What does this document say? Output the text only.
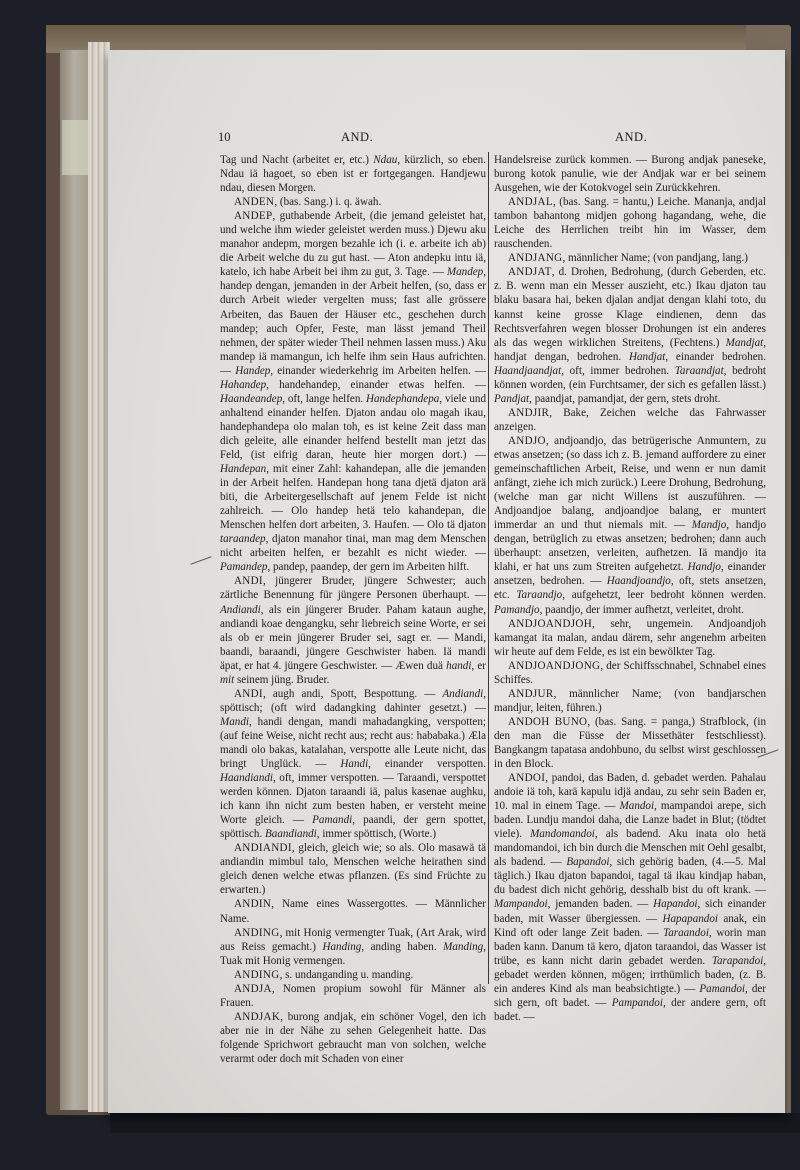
10	AND.	AND.

Tag und Nacht (arbeitet er, etc.) Ndau, kürzlich, so eben. Ndau iä hagoet, so eben ist er fortgegangen. Handjewu ndau, diesen Morgen.

ANDEN, (bas. Sang.) i. q. äwah.

ANDEP, guthabende Arbeit, (die jemand geleistet hat, und welche ihm wieder geleistet werden muss.) Djewu aku manahor andepm, morgen bezahle ich (i. e. arbeite ich ab) die Arbeit welche du zu gut hast. — Aton andepku intu iä, katelo, ich habe Arbeit bei ihm zu gut, 3. Tage. — Mandep, handep dengan, jemanden in der Arbeit helfen, (so, dass er durch Arbeit wieder vergelten muss; fast alle grössere Arbeiten, das Bauen der Häuser etc., geschehen durch mandep; auch Opfer, Feste, man lässt jemand Theil nehmen, der später wieder Theil nehmen lassen muss.) Aku mandep iä mamangun, ich helfe ihm sein Haus aufrichten. — Handep, einander wiederkehrig im Arbeiten helfen. — Hahandep, handehandep, einander etwas helfen. — Haandeandep, oft, lange helfen. Handephandepa, viele und anhaltend einander helfen. Djaton andau olo magah ikau, handephandepa olo malan toh, es ist keine Zeit dass man dich geleite, alle einander helfend bestellt man jetzt das Feld, (ist eifrig daran, heute hier morgen dort.) — Handepan, mit einer Zahl: kahandepan, alle die jemanden in der Arbeit helfen. Handepan hong tana djetä djaton arä biti, die Arbeitergesellschaft auf jenem Felde ist nicht zahlreich. — Olo handep hetä telo kahandepan, die Menschen helfen dort arbeiten, 3. Haufen. — Olo tä djaton taraandep, djaton manahor tinai, man mag dem Menschen nicht arbeiten helfen, er bezahlt es nicht wieder. — Pamandep, pandep, paandep, der gern im Arbeiten hilft.

ANDI, jüngerer Bruder, jüngere Schwester; auch zärtliche Benennung für jüngere Personen überhaupt. — Andiandi, als ein jüngerer Bruder. Paham kataun aughe, andiandi koae dengangku, sehr liebreich seine Worte, er sei als ob er mein jüngerer Bruder sei, sagt er. — Mandi, baandi, baraandi, jüngere Geschwister haben. Iä mandi äpat, er hat 4. jüngere Geschwister. — Æwen duä handi, er mit seinem jüng. Bruder.

ANDI, augh andi, Spott, Bespottung. — Andiandi, spöttisch; (oft wird dadangking dahinter gesetzt.) — Mandi, handi dengan, mandi mahadangking, verspotten; (auf feine Weise, nicht recht aus; recht aus: hababaka.) Æla mandi olo bakas, katalahan, verspotte alle Leute nicht, das bringt Unglück. — Handi, einander verspotten. Haandiandi, oft, immer verspotten. — Taraandi, verspottet werden können. Djaton taraandi iä, palus kasenae aughku, ich kann ihn nicht zum besten haben, er versteht meine Worte gleich. — Pamandi, paandi, der gern spottet, spöttisch. Baandiandi, immer spöttisch, (Worte.)

ANDIANDI, gleich, gleich wie; so als. Olo masawä tä andiandin mimbul talo, Menschen welche heirathen sind gleich denen welche etwas pflanzen. (Es sind Früchte zu erwarten.)

ANDIN, Name eines Wassergottes. — Männlicher Name.

ANDING, mit Honig vermengter Tuak, (Art Arak, wird aus Reiss gemacht.) Handing, anding haben. Manding, Tuak mit Honig vermengen.

ANDING, s. undanganding u. manding.

ANDJA, Nomen propium sowohl für Männer als Frauen.

ANDJAK, burong andjak, ein schöner Vogel, den ich aber nie in der Nähe zu sehen Gelegenheit hatte. Das folgende Sprichwort gebraucht man von solchen, welche verarmt oder doch mit Schaden von einer

Handelsreise zurück kommen. — Burong andjak paneseke, burong kotok panulie, wie der Andjak war er bei seinem Ausgehen, wie der Kotokvogel sein Zurückkehren.

ANDJAL, (bas. Sang. = hantu,) Leiche. Mananja, andjal tambon bahantong midjen gohong hagandang, wehe, die Leiche des Herrlichen treibt hin im Wasser, dem rauschenden.

ANDJANG, männlicher Name; (von pandjang, lang.)

ANDJAT, d. Drohen, Bedrohung, (durch Geberden, etc. z. B. wenn man ein Messer auszieht, etc.) Ikau djaton tau blaku basara hai, beken djalan andjat dengan klahi toto, du kannst keine grosse Klage eindienen, denn das Rechtsverfahren wegen blosser Drohungen ist ein anderes als das wegen wirklichen Streitens, (Fechtens.) Mandjat, handjat dengan, bedrohen. Handjat, einander bedrohen. Haandjaandjat, oft, immer bedrohen. Taraandjat, bedroht können worden, (ein Furchtsamer, der sich es gefallen lässt.) Pandjat, paandjat, pamandjat, der gern, stets droht.

ANDJIR, Bake, Zeichen welche das Fahrwasser anzeigen.

ANDJO, andjoandjo, das betrügerische Anmuntern, zu etwas ansetzen; (so dass ich z. B. jemand auffordere zu einer gemeinschaftlichen Arbeit, Reise, und wenn er nun damit anfängt, ziehe ich mich zurück.) Leere Drohung, Bedrohung, (welche man gar nicht Willens ist auszuführen. — Andjoandjoe balang, andjoandjoe balang, er muntert immerdar an und thut niemals mit. — Mandjo, handjo dengan, betrüglich zu etwas ansetzen; bedrohen; dann auch überhaupt: ansetzen, verleiten, aufhetzen. Iä mandjo ita klahi, er hat uns zum Streiten aufgehetzt. Handjo, einander ansetzen, bedrohen. — Haandjoandjo, oft, stets ansetzen, etc. Taraandjo, aufgehetzt, leer bedroht können werden. Pamandjo, paandjo, der immer aufhetzt, verleitet, droht.

ANDJOANDJOH, sehr, ungemein. Andjoandjoh kamangat ita malan, andau därem, sehr angenehm arbeiten wir heute auf dem Felde, es ist ein bewölkter Tag.

ANDJOANDJONG, der Schiffsschnabel, Schnabel eines Schiffes.

ANDJUR, männlicher Name; (von bandjarschen mandjur, leiten, führen.)

ANDOH BUNO, (bas. Sang. = panga,) Strafblock, (in den man die Füsse der Missethäter festschliesst). Bangkangm tapatasa andohbuno, du selbst wirst geschlossen in den Block.

ANDOI, pandoi, das Baden, d. gebadet werden. Pahalau andoie iä toh, karä kapulu idjä andau, zu sehr sein Baden er, 10. mal in einem Tage. — Mandoi, mampandoi arepe, sich baden. Lundju mandoi daha, die Lanze badet in Blut; (tödtet viele). Mandomandoi, als badend. Aku inata olo hetä mandomandoi, ich bin durch die Menschen mit Oehl gesalbt, als badend. — Bapandoi, sich gehörig baden, (4.—5. Mal täglich.) Ikau djaton bapandoi, tagal tä ikau kindjap haban, du badest dich nicht gehörig, desshalb bist du oft krank. — Mampandoi, jemanden baden. — Hapandoi, sich einander baden, mit Wasser übergiessen. — Hapapandoi anak, ein Kind oft oder lange Zeit baden. — Taraandoi, worin man baden kann. Danum tä kero, djaton taraandoi, das Wasser ist trübe, es kann nicht darin gebadet werden. Tarapandoi, gebadet werden können, mögen; irrthümlich baden, (z. B. ein anderes Kind als man beabsichtigte.) — Pamandoi, der sich gern, oft badet. — Pampandoi, der andere gern, oft badet. —
